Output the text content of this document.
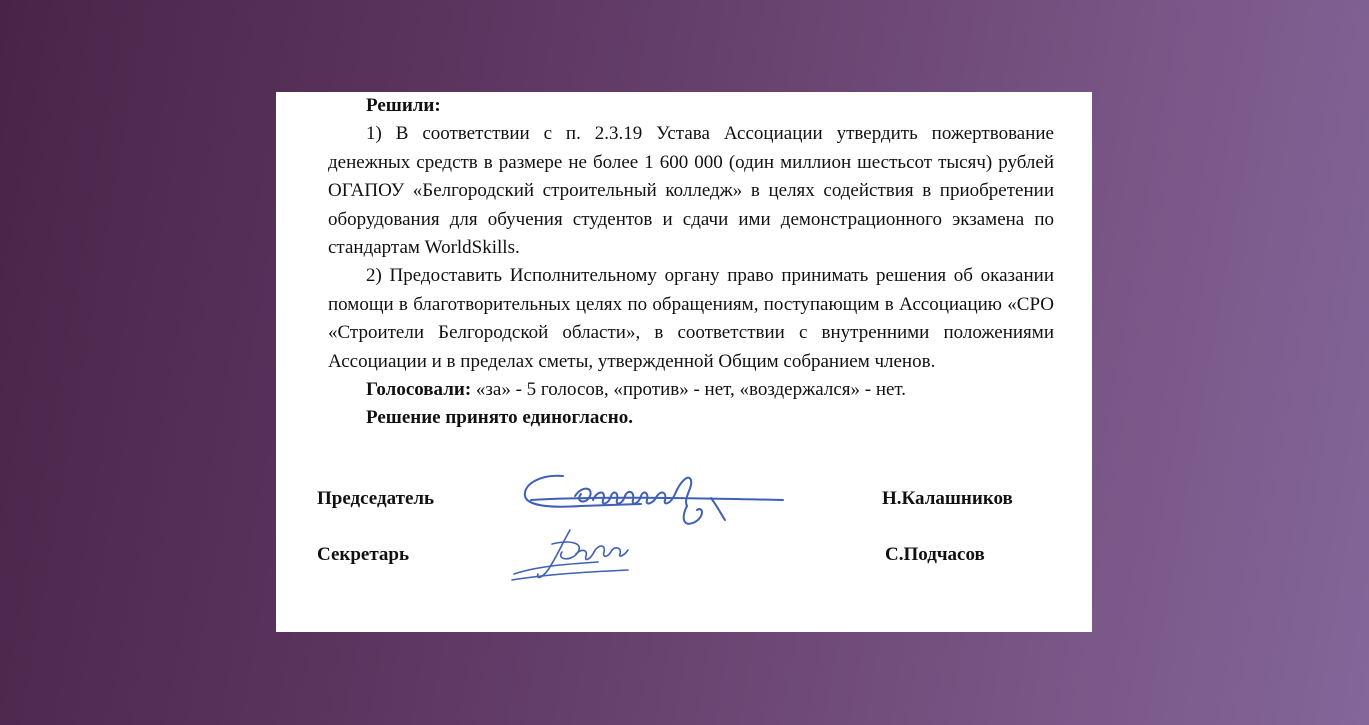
Решили:

1) В соответствии с п. 2.3.19 Устава Ассоциации утвердить пожертвование денежных средств в размере не более 1 600 000 (один миллион шестьсот тысяч) рублей ОГАПОУ «Белгородский строительный колледж» в целях содействия в приобретении оборудования для обучения студентов и сдачи ими демонстрационного экзамена по стандартам WorldSkills.

2) Предоставить Исполнительному органу право принимать решения об оказании помощи в благотворительных целях по обращениям, поступающим в Ассоциацию «СРО «Строители Белгородской области», в соответствии с внутренними положениями Ассоциации и в пределах сметы, утвержденной Общим собранием членов.

Голосовали: «за» - 5 голосов, «против» - нет, «воздержался» - нет.

Решение принято единогласно.

Председатель	Н.Калашников
Секретарь	С.Подчасов
